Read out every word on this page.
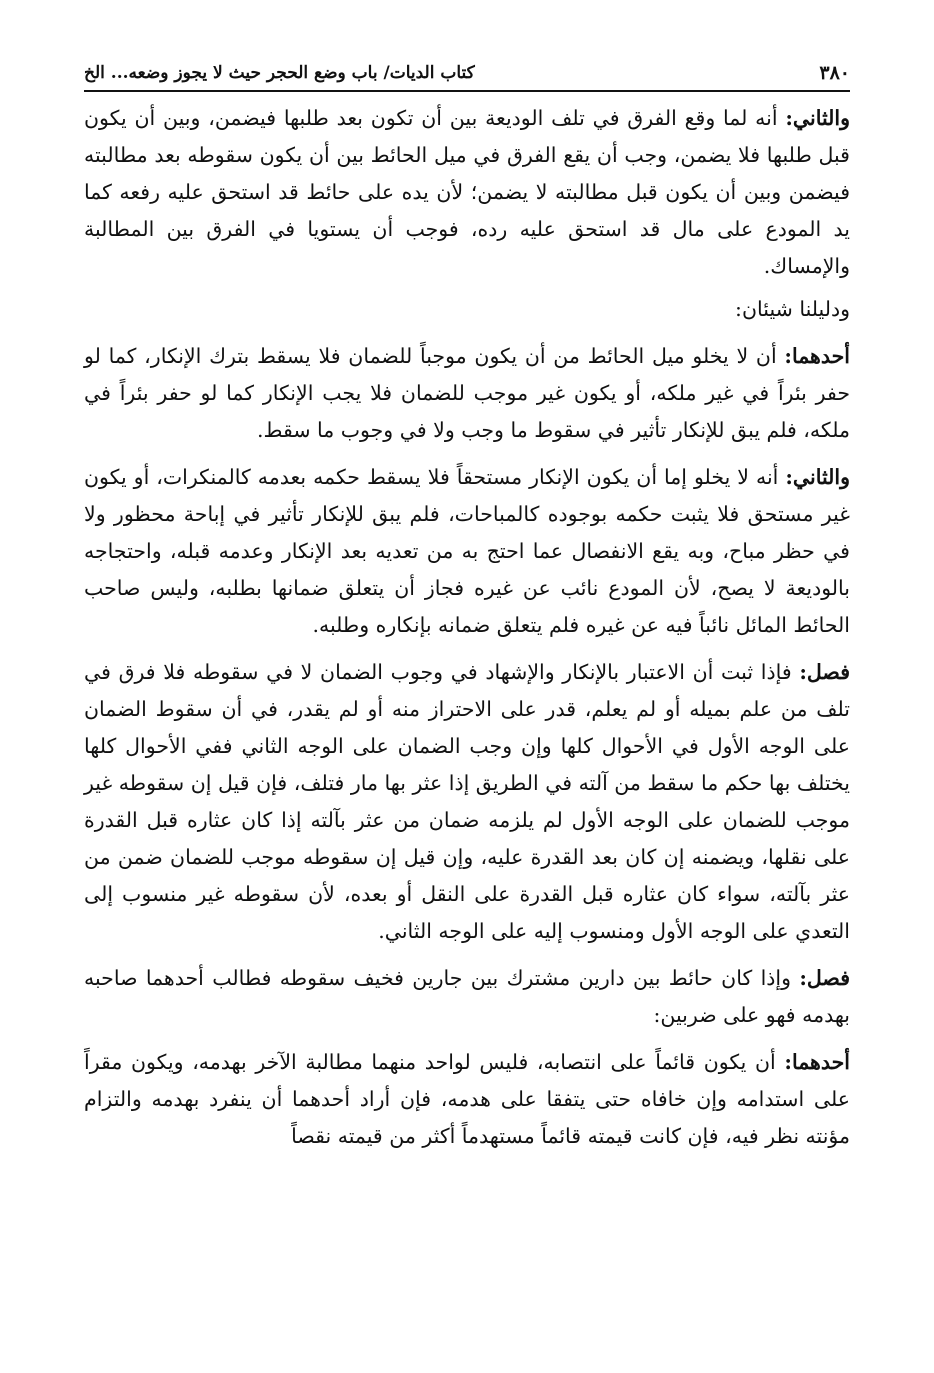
٣٨٠
كتاب الديات/ باب وضع الحجر حيث لا يجوز وضعه... الخ

والثاني: أنه لما وقع الفرق في تلف الوديعة بين أن تكون بعد طلبها فيضمن، وبين أن يكون قبل طلبها فلا يضمن، وجب أن يقع الفرق في ميل الحائط بين أن يكون سقوطه بعد مطالبته فيضمن وبين أن يكون قبل مطالبته لا يضمن؛ لأن يده على حائط قد استحق عليه رفعه كما يد المودع على مال قد استحق عليه رده، فوجب أن يستويا في الفرق بين المطالبة والإمساك.

ودليلنا شيئان:

أحدهما: أن لا يخلو ميل الحائط من أن يكون موجباً للضمان فلا يسقط بترك الإنكار، كما لو حفر بئراً في غير ملكه، أو يكون غير موجب للضمان فلا يجب الإنكار كما لو حفر بئراً في ملكه، فلم يبق للإنكار تأثير في سقوط ما وجب ولا في وجوب ما سقط.

والثاني: أنه لا يخلو إما أن يكون الإنكار مستحقاً فلا يسقط حكمه بعدمه كالمنكرات، أو يكون غير مستحق فلا يثبت حكمه بوجوده كالمباحات، فلم يبق للإنكار تأثير في إباحة محظور ولا في حظر مباح، وبه يقع الانفصال عما احتج به من تعديه بعد الإنكار وعدمه قبله، واحتجاجه بالوديعة لا يصح، لأن المودع نائب عن غيره فجاز أن يتعلق ضمانها بطلبه، وليس صاحب الحائط المائل نائباً فيه عن غيره فلم يتعلق ضمانه بإنكاره وطلبه.

فصل: فإذا ثبت أن الاعتبار بالإنكار والإشهاد في وجوب الضمان لا في سقوطه فلا فرق في تلف من علم بميله أو لم يعلم، قدر على الاحتراز منه أو لم يقدر، في أن سقوط الضمان على الوجه الأول في الأحوال كلها وإن وجب الضمان على الوجه الثاني ففي الأحوال كلها يختلف بها حكم ما سقط من آلته في الطريق إذا عثر بها مار فتلف، فإن قيل إن سقوطه غير موجب للضمان على الوجه الأول لم يلزمه ضمان من عثر بآلته إذا كان عثاره قبل القدرة على نقلها، ويضمنه إن كان بعد القدرة عليه، وإن قيل إن سقوطه موجب للضمان ضمن من عثر بآلته، سواء كان عثاره قبل القدرة على النقل أو بعده، لأن سقوطه غير منسوب إلى التعدي على الوجه الأول ومنسوب إليه على الوجه الثاني.

فصل: وإذا كان حائط بين دارين مشترك بين جارين فخيف سقوطه فطالب أحدهما صاحبه بهدمه فهو على ضربين:

أحدهما: أن يكون قائماً على انتصابه، فليس لواحد منهما مطالبة الآخر بهدمه، ويكون مقراً على استدامه وإن خافاه حتى يتفقا على هدمه، فإن أراد أحدهما أن ينفرد بهدمه والتزام مؤنته نظر فيه، فإن كانت قيمته قائماً مستهدماً أكثر من قيمته نقصاً
